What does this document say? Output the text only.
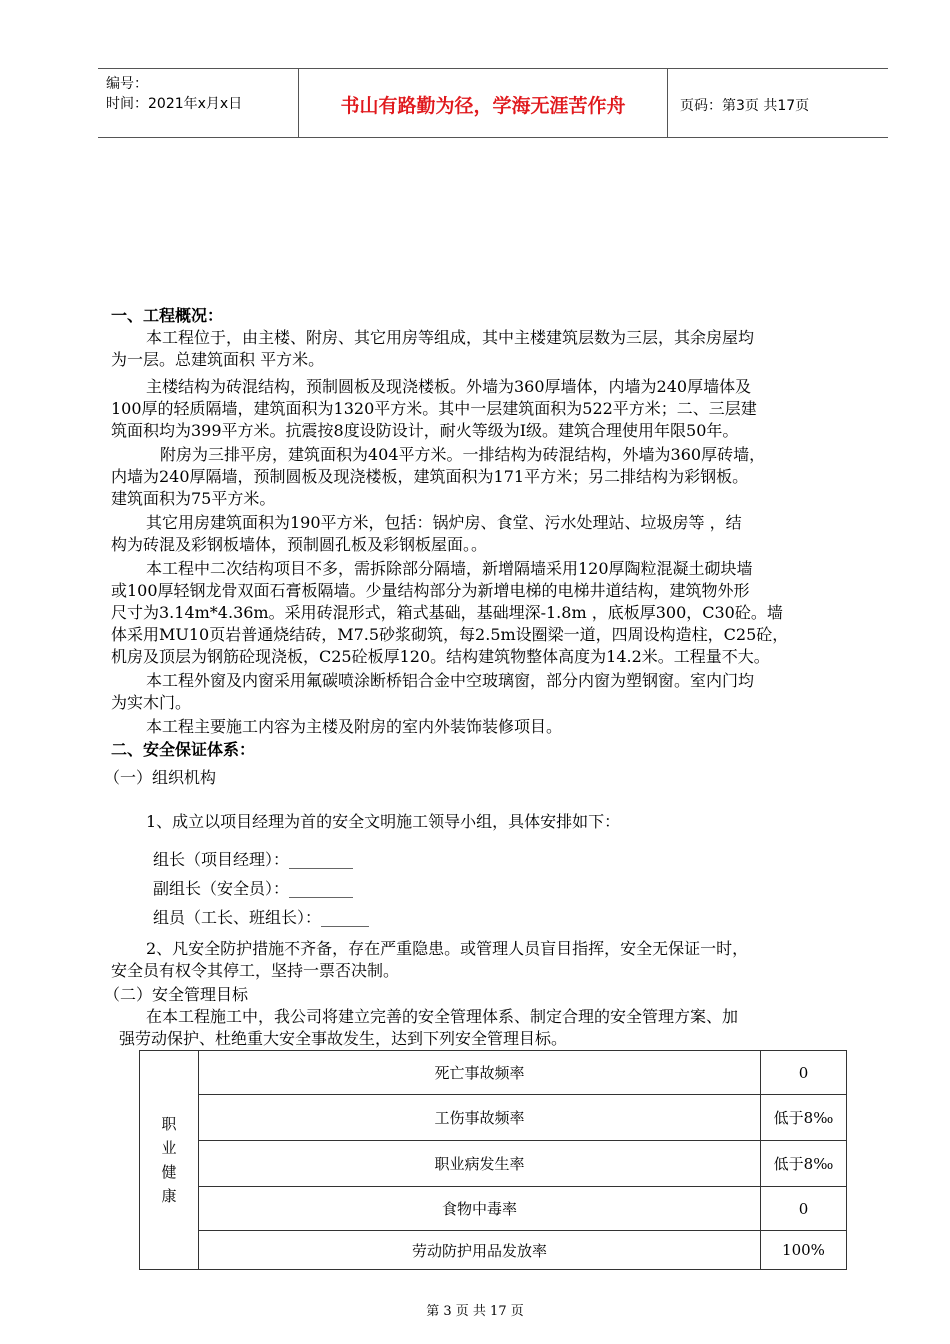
编号：
时间：2021年x月x日	书山有路勤为径，学海无涯苦作舟	页码：第3页 共17页
一、工程概况：
本工程位于，由主楼、附房、其它用房等组成，其中主楼建筑层数为三层，其余房屋均
为一层。总建筑面积 平方米。
主楼结构为砖混结构，预制圆板及现浇楼板。外墙为360厚墙体，内墙为240厚墙体及
100厚的轻质隔墙，建筑面积为1320平方米。其中一层建筑面积为522平方米；二、三层建
筑面积均为399平方米。抗震按8度设防设计，耐火等级为Ⅰ级。建筑合理使用年限50年。
附房为三排平房，建筑面积为404平方米。一排结构为砖混结构，外墙为360厚砖墙，
内墙为240厚隔墙，预制圆板及现浇楼板，建筑面积为171平方米；另二排结构为彩钢板。
建筑面积为75平方米。
其它用房建筑面积为190平方米，包括：锅炉房、食堂、污水处理站、垃圾房等 ，结
构为砖混及彩钢板墙体，预制圆孔板及彩钢板屋面。。
本工程中二次结构项目不多，需拆除部分隔墙，新增隔墙采用120厚陶粒混凝土砌块墙
或100厚轻钢龙骨双面石膏板隔墙。少量结构部分为新增电梯的电梯井道结构，建筑物外形
尺寸为3.14m*4.36m。采用砖混形式，箱式基础，基础埋深-1.8m ，底板厚300，C30砼。墙
体采用MU10页岩普通烧结砖，M7.5砂浆砌筑，每2.5m设圈梁一道，四周设构造柱，C25砼，
机房及顶层为钢筋砼现浇板，C25砼板厚120。结构建筑物整体高度为14.2米。工程量不大。
本工程外窗及内窗采用氟碳喷涂断桥铝合金中空玻璃窗，部分内窗为塑钢窗。室内门均
为实木门。
本工程主要施工内容为主楼及附房的室内外装饰装修项目。
二、安全保证体系：
（一）组织机构
1、成立以项目经理为首的安全文明施工领导小组，具体安排如下：
组长（项目经理）：________
副组长（安全员）：________
组员（工长、班组长）：______
2、凡安全防护措施不齐备，存在严重隐患。或管理人员盲目指挥，安全无保证一时，
安全员有权令其停工，坚持一票否决制。
（二）安全管理目标
在本工程施工中，我公司将建立完善的安全管理体系、制定合理的安全管理方案、加
强劳动保护、杜绝重大安全事故发生，达到下列安全管理目标。
职业健康	死亡事故频率	0
	工伤事故频率	低于8‰
	职业病发生率	低于8‰
	食物中毒率	0
	劳动防护用品发放率	100%
第 3 页 共 17 页
